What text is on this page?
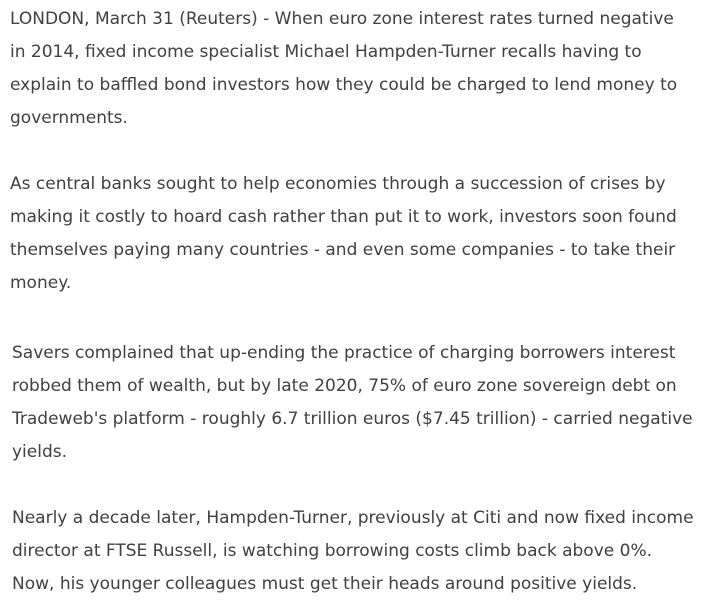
LONDON, March 31 (Reuters) - When euro zone interest rates turned negative
in 2014, fixed income specialist Michael Hampden-Turner recalls having to
explain to baffled bond investors how they could be charged to lend money to
governments.

As central banks sought to help economies through a succession of crises by
making it costly to hoard cash rather than put it to work, investors soon found
themselves paying many countries - and even some companies - to take their
money.

Savers complained that up-ending the practice of charging borrowers interest
robbed them of wealth, but by late 2020, 75% of euro zone sovereign debt on
Tradeweb's platform - roughly 6.7 trillion euros ($7.45 trillion) - carried negative
yields.

Nearly a decade later, Hampden-Turner, previously at Citi and now fixed income
director at FTSE Russell, is watching borrowing costs climb back above 0%.
Now, his younger colleagues must get their heads around positive yields.
